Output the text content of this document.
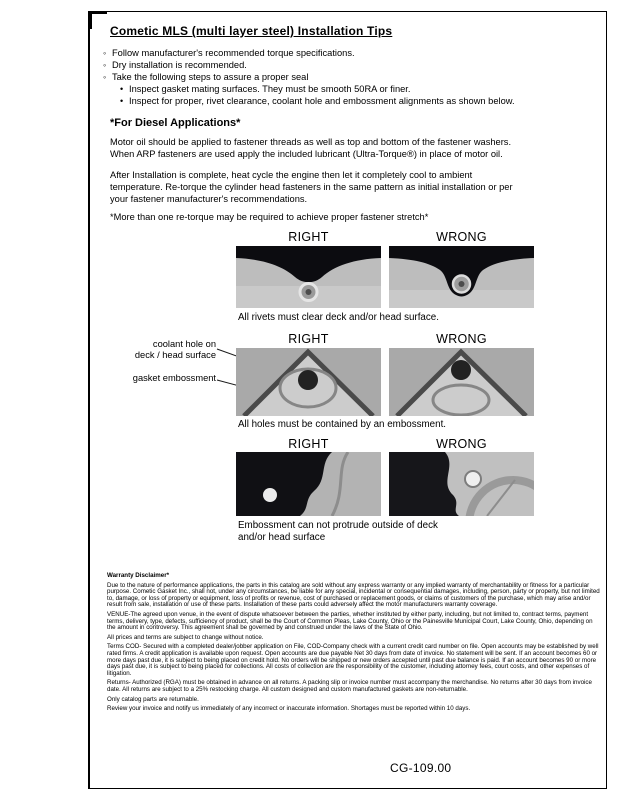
Cometic MLS (multi layer steel) Installation Tips
◦ Follow manufacturer's recommended torque specifications.
◦ Dry installation is recommended.
◦ Take the following steps to assure a proper seal
• Inspect gasket mating surfaces. They must be smooth 50RA or finer.
• Inspect for proper, rivet clearance, coolant hole and embossment alignments as shown below.
*For Diesel Applications*
Motor oil should be applied to fastener threads as well as top and bottom of the fastener washers. When ARP fasteners are used apply the included lubricant (Ultra-Torque®) in place of motor oil.
After Installation is complete, heat cycle the engine then let it completely cool to ambient temperature. Re-torque the cylinder head fasteners in the same pattern as initial installation or per your fastener manufacturer's recommendations.
*More than one re-torque may be required to achieve proper fastener stretch*
RIGHT	WRONG
All rivets must clear deck and/or head surface.
RIGHT	WRONG
coolant hole on
deck / head surface
gasket embossment
All holes must be contained by an embossment.
RIGHT	WRONG
Embossment can not protrude outside of deck
and/or head surface

Warranty Disclaimer*

Due to the nature of performance applications, the parts in this catalog are sold without any express warranty or any implied warranty of merchantability or fitness for a particular purpose. Cometic Gasket Inc., shall not, under any circumstances, be liable for any special, incidental or consequential damages, including, person, party or property, but not limited to, damage, or loss of property or equipment, loss of profits or revenue, cost of purchased or replacement goods, or claims of customers of the purchase, which may arise and/or result from sale, installation or use of these parts. Installation of these parts could adversely affect the motor manufacturers warranty coverage.

VENUE-The agreed upon venue, in the event of dispute whatsoever between the parties, whether instituted by either party, including, but not limited to, contract terms, payment terms, delivery, type, defects, sufficiency of product, shall be the Court of Common Pleas, Lake County, Ohio or the Painesville Municipal Court, Lake County, Ohio, depending on the amount in controversy. This agreement shall be governed by and construed under the laws of the State of Ohio.

All prices and terms are subject to change without notice.

Terms COD- Secured with a completed dealer/jobber application on File, COD-Company check with a current credit card number on file. Open accounts may be established by well rated firms. A credit application is available upon request. Open accounts are due payable Net 30 days from date of invoice. No statement will be sent. If an account becomes 60 or more days past due, it is subject to being placed on credit hold. No orders will be shipped or new orders accepted until past due balance is paid. If an account becomes 90 or more days past due, it is subject to being placed for collections. All costs of collection are the responsibility of the customer, including attorney fees, court costs, and other expenses of litigation.

Returns- Authorized (RGA) must be obtained in advance on all returns. A packing slip or invoice number must accompany the merchandise. No returns after 30 days from invoice date. All returns are subject to a 25% restocking charge. All custom designed and custom manufactured gaskets are non-returnable.

Only catalog parts are returnable.

Review your invoice and notify us immediately of any incorrect or inaccurate information. Shortages must be reported within 10 days.

CG-109.00
